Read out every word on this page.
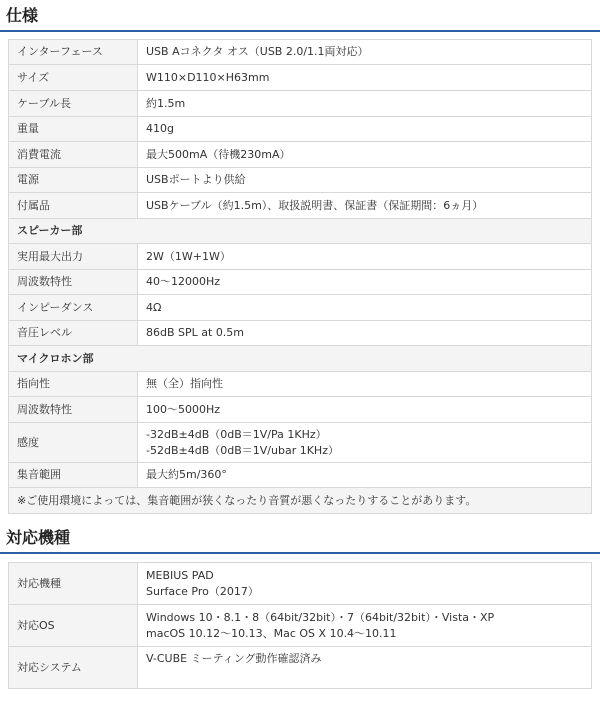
仕様
インターフェース	USB Aコネクタ オス（USB 2.0/1.1両対応）
サイズ	W110×D110×H63mm
ケーブル長	約1.5m
重量	410g
消費電流	最大500mA（待機230mA）
電源	USBポートより供給
付属品	USBケーブル（約1.5m）、取扱説明書、保証書（保証期間：6ヵ月）
スピーカー部	
実用最大出力	2W（1W+1W）
周波数特性	40〜12000Hz
インピーダンス	4Ω
音圧レベル	86dB SPL at 0.5m
マイクロホン部	
指向性	無（全）指向性
周波数特性	100〜5000Hz
感度	-32dB±4dB（0dB＝1V/Pa 1KHz）
-52dB±4dB（0dB＝1V/ubar 1KHz）

集音範囲	最大約5m/360°
※ご使用環境によっては、集音範囲が狭くなったり音質が悪くなったりすることがあります。	
対応機種
対応機種	MEBIUS PAD
Surface Pro（2017）

対応OS	Windows 10・8.1・8（64bit/32bit）・7（64bit/32bit）・Vista・XP
macOS 10.12〜10.13、Mac OS X 10.4〜10.11

対応システム	V-CUBE ミーティング動作確認済み
